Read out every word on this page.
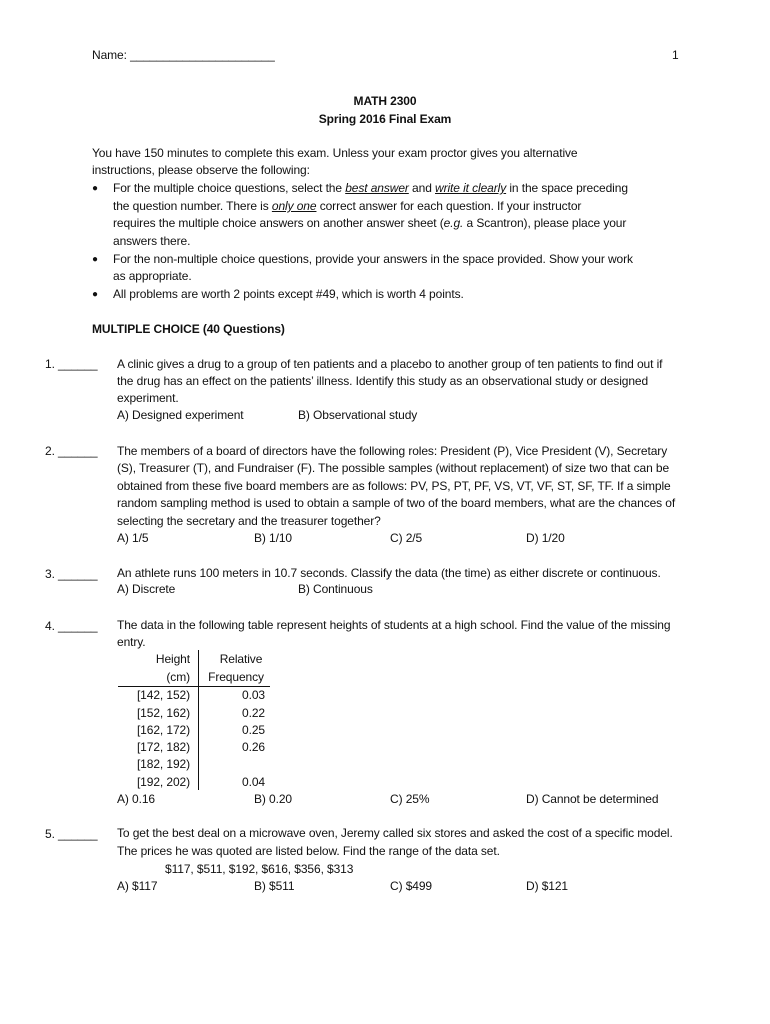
Name: ______________________	1
MATH 2300
Spring 2016 Final Exam
You have 150 minutes to complete this exam. Unless your exam proctor gives you alternative
instructions, please observe the following:
● For the multiple choice questions, select the best answer and write it clearly in the space preceding
the question number. There is only one correct answer for each question. If your instructor
requires the multiple choice answers on another answer sheet (e.g. a Scantron), please place your
answers there.
● For the non-multiple choice questions, provide your answers in the space provided. Show your work
as appropriate.
● All problems are worth 2 points except #49, which is worth 4 points.
MULTIPLE CHOICE (40 Questions)
1. ______ A clinic gives a drug to a group of ten patients and a placebo to another group of ten patients to find out if
the drug has an effect on the patients’ illness. Identify this study as an observational study or designed
experiment.
A) Designed experiment	B) Observational study
2. ______ The members of a board of directors have the following roles: President (P), Vice President (V), Secretary
(S), Treasurer (T), and Fundraiser (F). The possible samples (without replacement) of size two that can be
obtained from these five board members are as follows: PV, PS, PT, PF, VS, VT, VF, ST, SF, TF. If a simple
random sampling method is used to obtain a sample of two of the board members, what are the chances of
selecting the secretary and the treasurer together?
A) 1/5	B) 1/10	C) 2/5	D) 1/20
3. ______ An athlete runs 100 meters in 10.7 seconds. Classify the data (the time) as either discrete or continuous.
A) Discrete	B) Continuous
4. ______ The data in the following table represent heights of students at a high school. Find the value of the missing
entry.
Height
(cm)
Relative
Frequency
[142, 152)	0.03
[152, 162)	0.22
[162, 172)	0.25
[172, 182)	0.26
[182, 192)
[192, 202)	0.04
A) 0.16	B) 0.20	C) 25%	D) Cannot be determined
5. ______ To get the best deal on a microwave oven, Jeremy called six stores and asked the cost of a specific model.
The prices he was quoted are listed below. Find the range of the data set.
$117, $511, $192, $616, $356, $313
A) $117	B) $511	C) $499	D) $121
